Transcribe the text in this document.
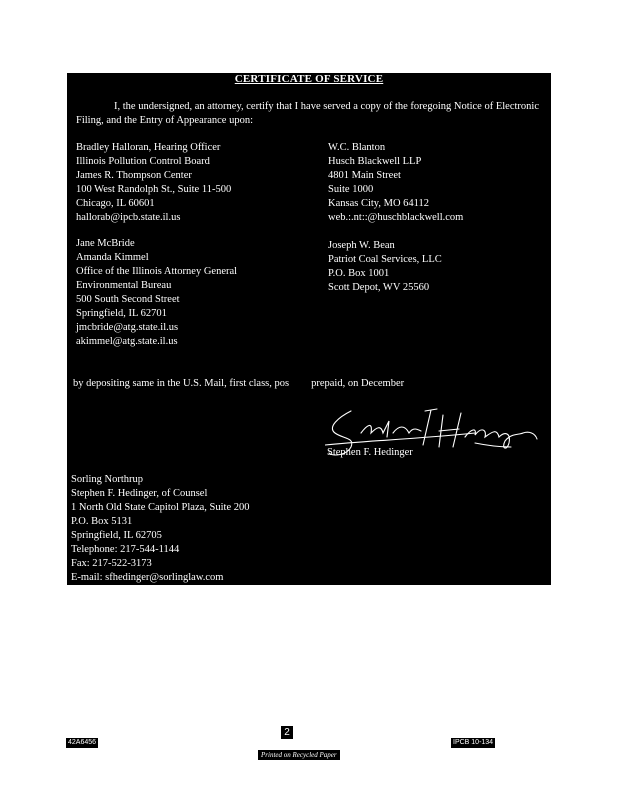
CERTIFICATE OF SERVICE
I, the undersigned, an attorney, certify that I have served a copy of the foregoing Notice of Electronic Filing, and the Entry of Appearance upon:
Bradley Halloran, Hearing Officer
Illinois Pollution Control Board
James R. Thompson Center
100 West Randolph St., Suite 11-500
Chicago, IL 60601
hallorab@ipcb.state.il.us
W.C. Blanton
Husch Blackwell LLP
4801 Main Street
Suite 1000
Kansas City, MO 64112
web.:.nt::@huschblackwell.com
Jane McBride
Amanda Kimmel
Office of the Illinois Attorney General
Environmental Bureau
500 South Second Street
Springfield, IL 62701
jmcbride@atg.state.il.us
akimmel@atg.state.il.us
Joseph W. Bean
Patriot Coal Services, LLC
P.O. Box 1001
Scott Depot, WV 25560
by depositing same in the U.S. Mail, first class, pos prepaid, on December
Stephen F. Hedinger
Sorling Northrup
Stephen F. Hedinger, of Counsel
1 North Old State Capitol Plaza, Suite 200
P.O. Box 5131
Springfield, IL 62705
Telephone: 217-544-1144
Fax: 217-522-3173
E-mail: sfhedinger@sorlinglaw.com
2
42A6456	IPCB 10-134
Printed on Recycled Paper
